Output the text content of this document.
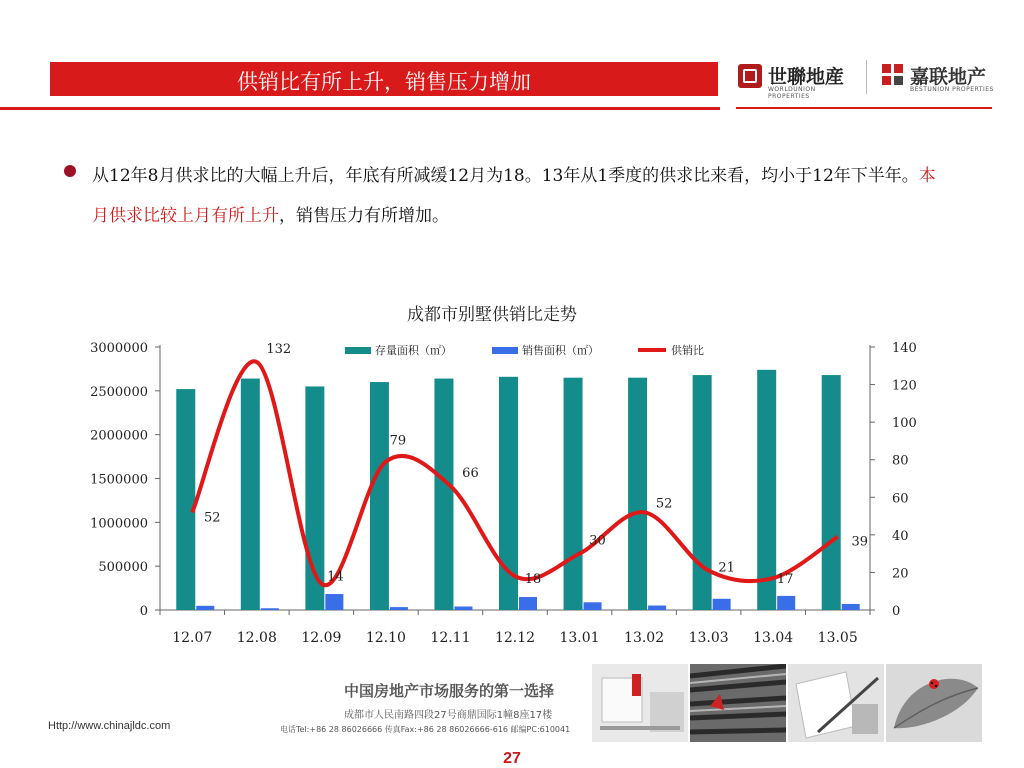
供销比有所上升，销售压力增加	世聯地産
WORLDUNION PROPERTIES
嘉联地产
BESTUNION PROPERTIES
从12年8月供求比的大幅上升后，年底有所减缓12月为18。13年从1季度的供求比来看，均小于12年下半年。本月供求比较上月有所上升，销售压力有所增加。
成都市别墅供销比走势
0
500000
1000000
1500000
2000000
2500000
3000000
0
20
40
60
80
100
120
140
12.07 12.08 12.09 12.10 12.11 12.12 13.01 13.02 13.03 13.04 13.05
52
132
14
79
66
18
30
52
21
17
39
存量面积（㎡）	销售面积（㎡）	供销比
中国房地产市场服务的第一选择
成都市人民南路四段27号商鼎国际1幢8座17楼
电话Tel:+86 28 86026666 传真Fax:+86 28 86026666-616 邮编PC:610041
Http://www.chinajldc.com
27
